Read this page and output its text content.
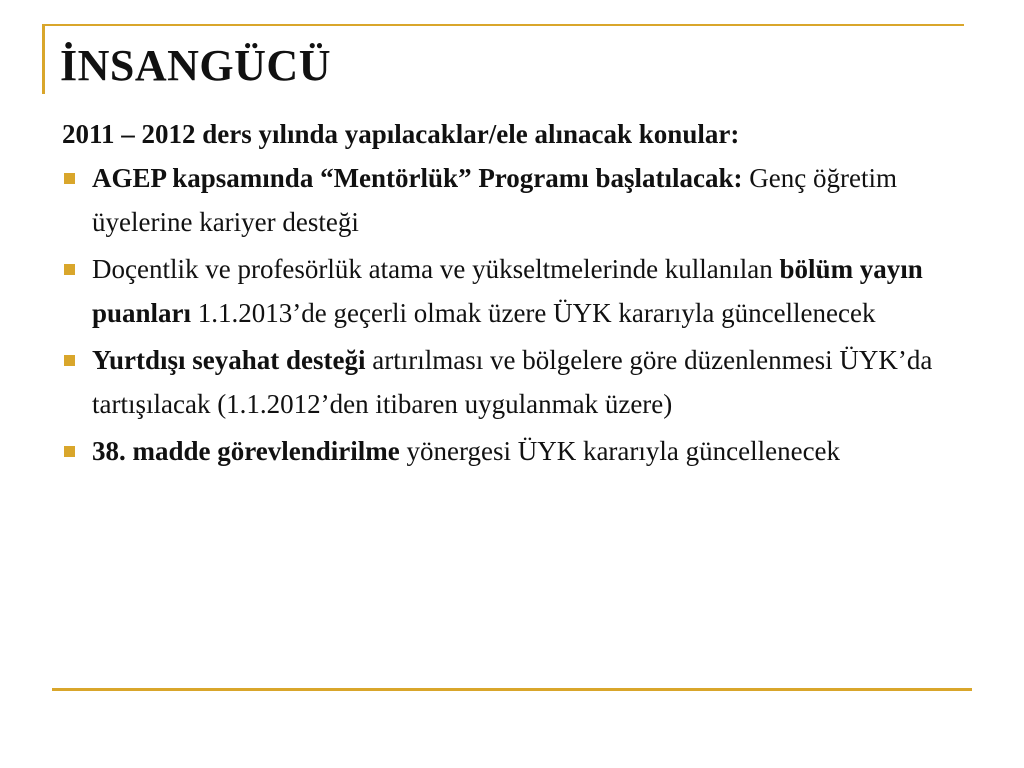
İNSANGÜCÜ
2011 – 2012 ders yılında yapılacaklar/ele alınacak konular:
AGEP kapsamında “Mentörlük” Programı başlatılacak: Genç öğretim üyelerine kariyer desteği
Doçentlik ve profesörlük atama ve yükseltmelerinde kullanılan bölüm yayın puanları 1.1.2013’de geçerli olmak üzere ÜYK kararıyla güncellenecek
Yurtdışı seyahat desteği artırılması ve bölgelere göre düzenlenmesi ÜYK’da tartışılacak (1.1.2012’den itibaren uygulanmak üzere)
38. madde görevlendirilme yönergesi ÜYK kararıyla güncellenecek
